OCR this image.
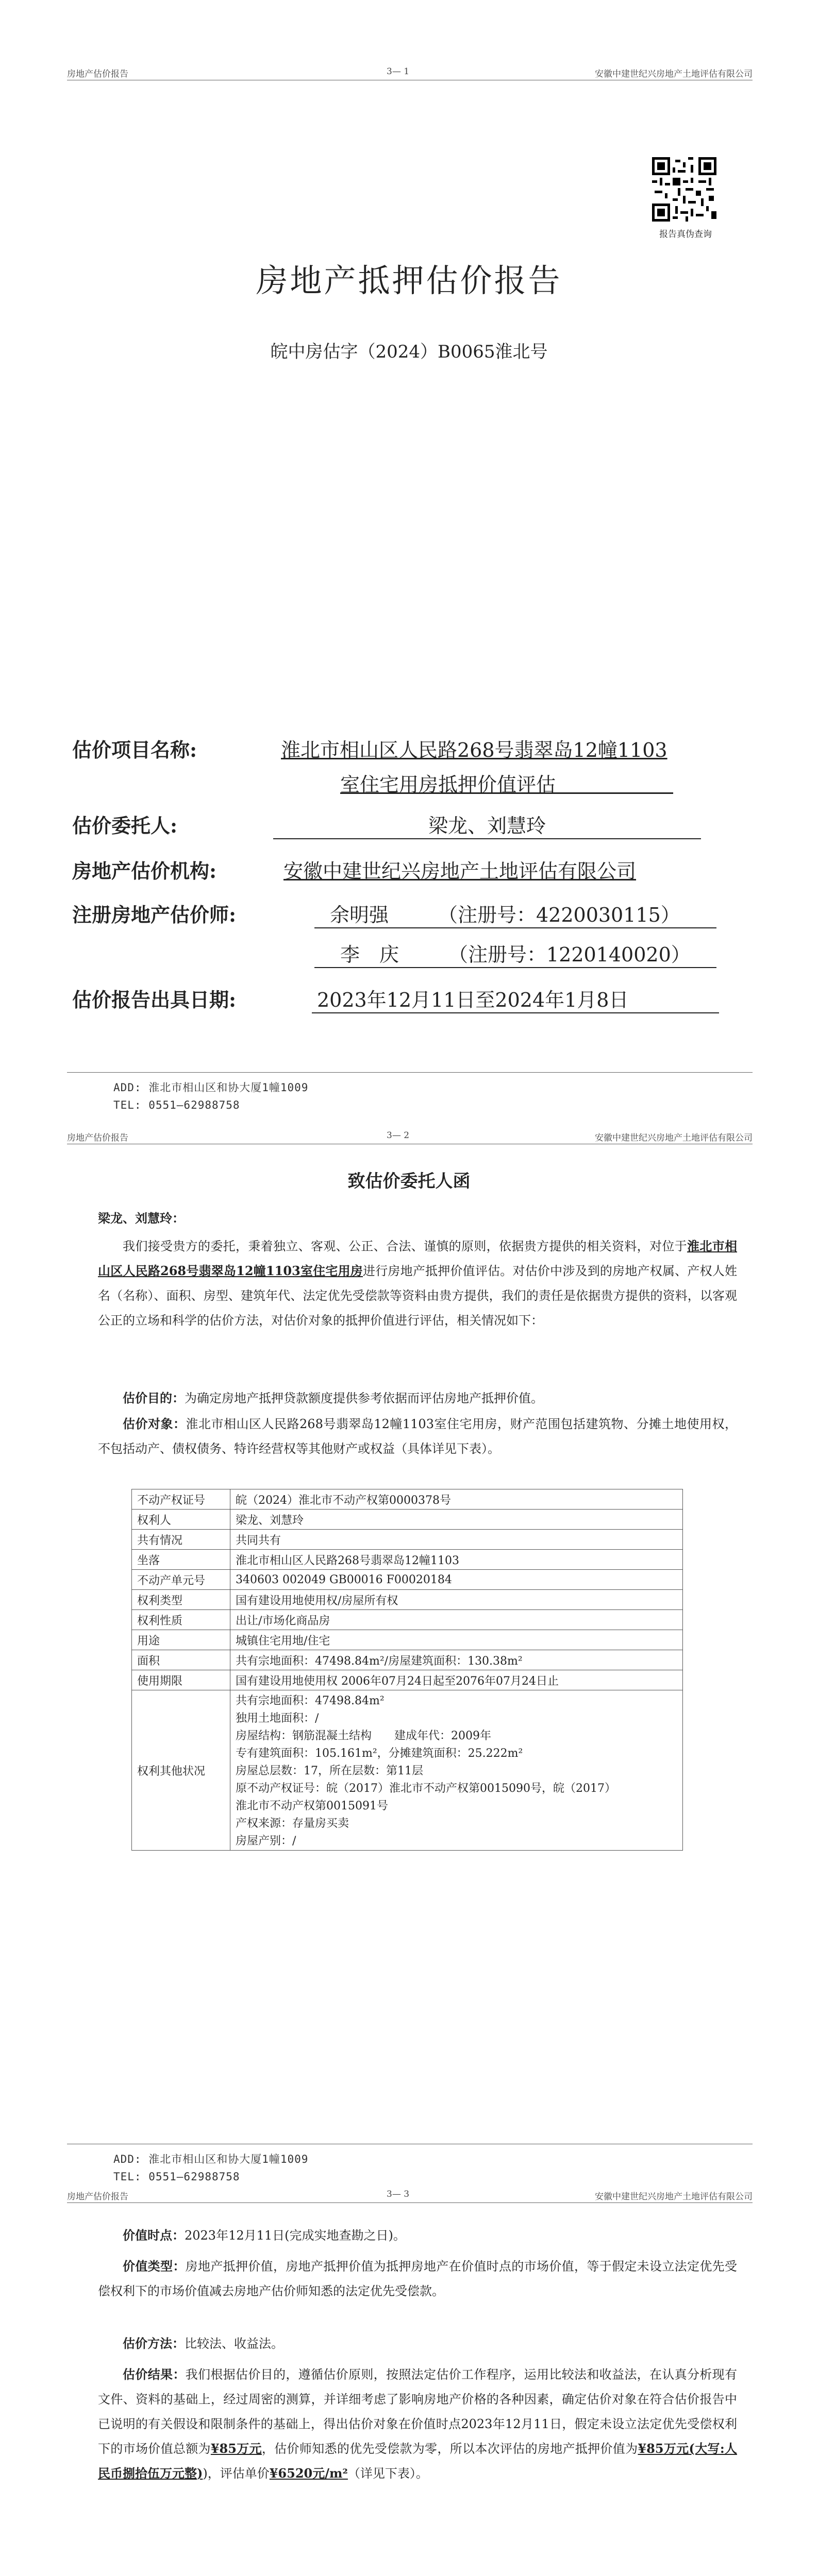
房地产估价报告	3— 1	安徽中建世纪兴房地产土地评估有限公司
报告真伪查询
房地产抵押估价报告
皖中房估字（2024）B0065淮北号
估价项目名称:	淮北市相山区人民路268号翡翠岛12幢1103
室住宅用房抵押价值评估　　　　　　
估价委托人:	梁龙、刘慧玲
房地产估价机构:	安徽中建世纪兴房地产土地评估有限公司
注册房地产估价师:	余明强	（注册号：4220030115）
李　庆	（注册号：1220140020）
估价报告出具日期:	2023年12月11日至2024年1月8日
ADD: 淮北市相山区和协大厦1幢1009
TEL: 0551—62988758
房地产估价报告	3— 2	安徽中建世纪兴房地产土地评估有限公司
致估价委托人函
梁龙、刘慧玲：
我们接受贵方的委托，秉着独立、客观、公正、合法、谨慎的原则，依据贵方提供的相关资料，对位于淮北市相山区人民路268号翡翠岛12幢1103室住宅用房进行房地产抵押价值评估。对估价中涉及到的房地产权属、产权人姓名（名称）、面积、房型、建筑年代、法定优先受偿款等资料由贵方提供，我们的责任是依据贵方提供的资料，以客观公正的立场和科学的估价方法，对估价对象的抵押价值进行评估，相关情况如下：
估价目的：为确定房地产抵押贷款额度提供参考依据而评估房地产抵押价值。
估价对象：淮北市相山区人民路268号翡翠岛12幢1103室住宅用房，财产范围包括建筑物、分摊土地使用权，不包括动产、债权债务、特许经营权等其他财产或权益（具体详见下表）。
不动产权证号	皖（2024）淮北市不动产权第0000378号
权利人	梁龙、刘慧玲
共有情况	共同共有
坐落	淮北市相山区人民路268号翡翠岛12幢1103
不动产单元号	340603 002049 GB00016 F00020184
权利类型	国有建设用地使用权/房屋所有权
权利性质	出让/市场化商品房
用途	城镇住宅用地/住宅
面积	共有宗地面积：47498.84m²/房屋建筑面积：130.38m²
使用期限	国有建设用地使用权 2006年07月24日起至2076年07月24日止
权利其他状况	
共有宗地面积：47498.84m²
独用土地面积：/
房屋结构：钢筋混凝土结构　　建成年代：2009年
专有建筑面积：105.161m²，分摊建筑面积：25.222m²
房屋总层数：17，所在层数：第11层
原不动产权证号：皖（2017）淮北市不动产权第0015090号，皖（2017）
淮北市不动产权第0015091号
产权来源：存量房买卖
房屋产别：/
ADD: 淮北市相山区和协大厦1幢1009
TEL: 0551—62988758
房地产估价报告	3— 3	安徽中建世纪兴房地产土地评估有限公司
价值时点：2023年12月11日(完成实地查勘之日)。
价值类型：房地产抵押价值，房地产抵押价值为抵押房地产在价值时点的市场价值，等于假定未设立法定优先受偿权利下的市场价值减去房地产估价师知悉的法定优先受偿款。
估价方法：比较法、收益法。
估价结果：我们根据估价目的，遵循估价原则，按照法定估价工作程序，运用比较法和收益法，在认真分析现有文件、资料的基础上，经过周密的测算，并详细考虑了影响房地产价格的各种因素，确定估价对象在符合估价报告中已说明的有关假设和限制条件的基础上，得出估价对象在价值时点2023年12月11日，假定未设立法定优先受偿权利下的市场价值总额为¥85万元，估价师知悉的优先受偿款为零，所以本次评估的房地产抵押价值为¥85万元(大写:人民币捌拾伍万元整))，评估单价¥6520元/m²（详见下表）。
